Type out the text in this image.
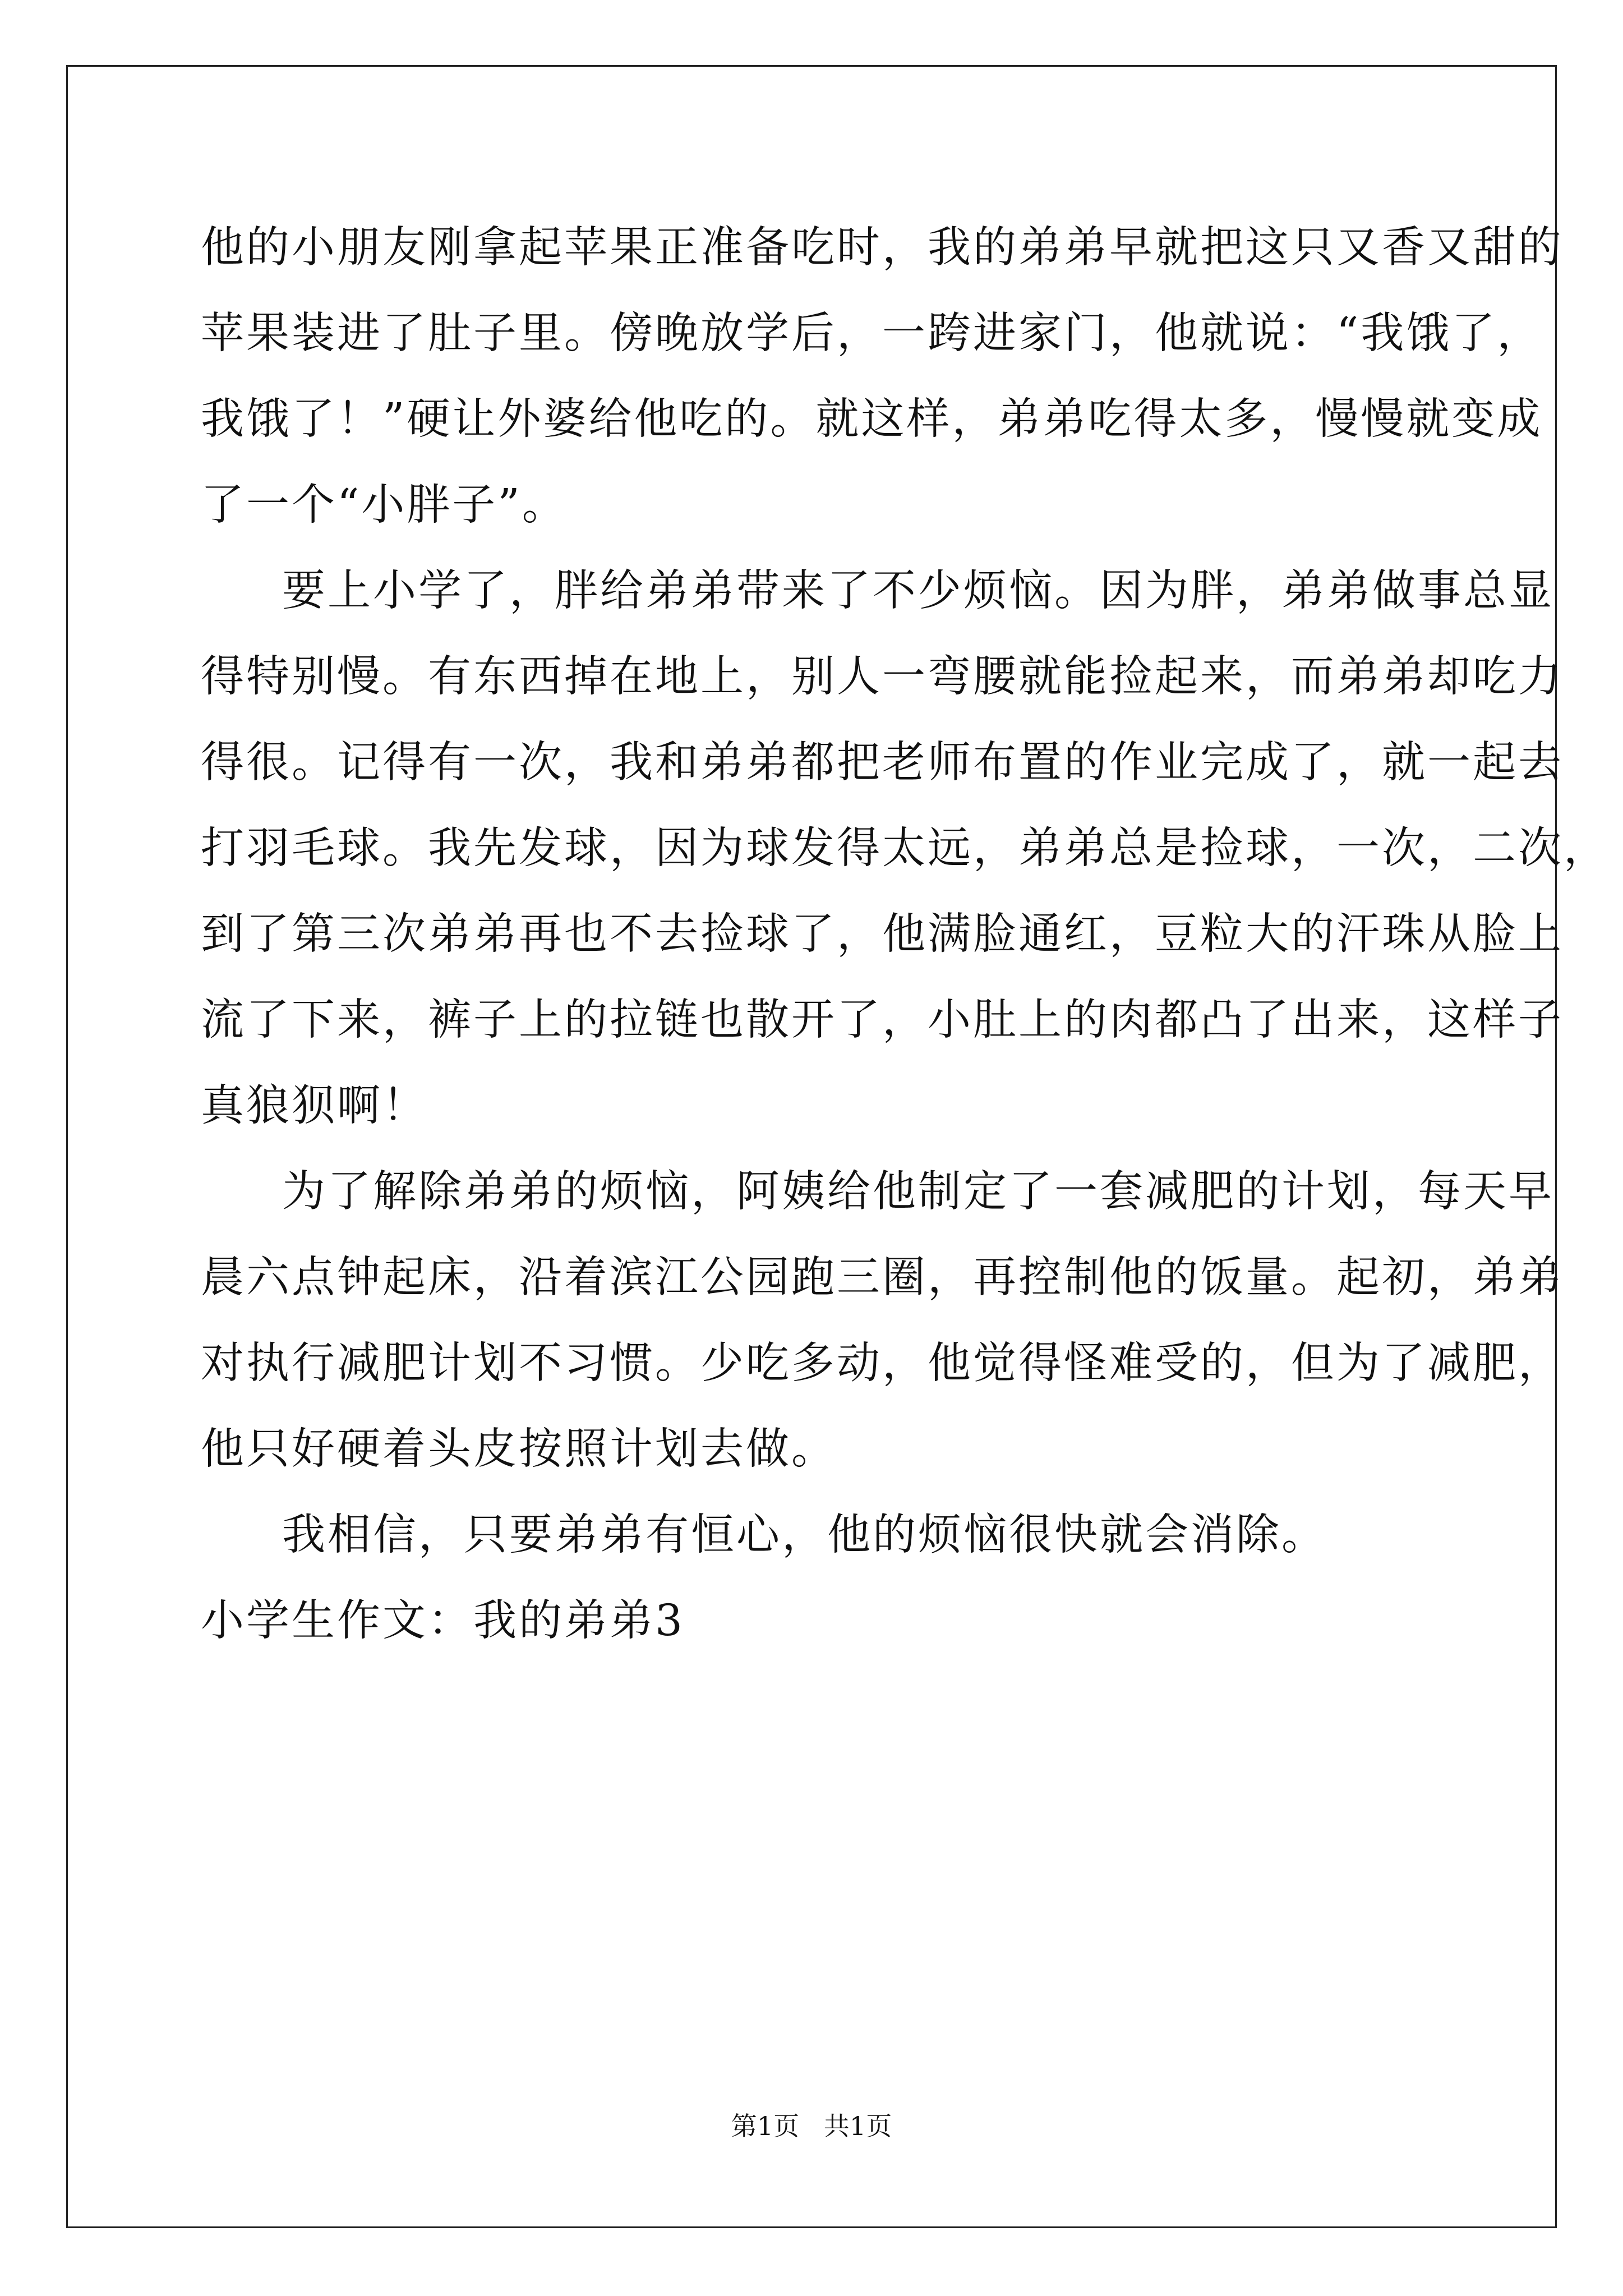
他的小朋友刚拿起苹果正准备吃时，我的弟弟早就把这只又香又甜的
苹果装进了肚子里。傍晚放学后，一跨进家门，他就说：“我饿了，
我饿了！”硬让外婆给他吃的。就这样，弟弟吃得太多，慢慢就变成
了一个“小胖子”。
要上小学了，胖给弟弟带来了不少烦恼。因为胖，弟弟做事总显
得特别慢。有东西掉在地上，别人一弯腰就能捡起来，而弟弟却吃力
得很。记得有一次，我和弟弟都把老师布置的作业完成了，就一起去
打羽毛球。我先发球，因为球发得太远，弟弟总是捡球，一次，二次，
到了第三次弟弟再也不去捡球了，他满脸通红，豆粒大的汗珠从脸上
流了下来，裤子上的拉链也散开了，小肚上的肉都凸了出来，这样子
真狼狈啊！
为了解除弟弟的烦恼，阿姨给他制定了一套减肥的计划，每天早
晨六点钟起床，沿着滨江公园跑三圈，再控制他的饭量。起初，弟弟
对执行减肥计划不习惯。少吃多动，他觉得怪难受的，但为了减肥，
他只好硬着头皮按照计划去做。
我相信，只要弟弟有恒心，他的烦恼很快就会消除。
小学生作文：我的弟弟3
第1页   共1页
